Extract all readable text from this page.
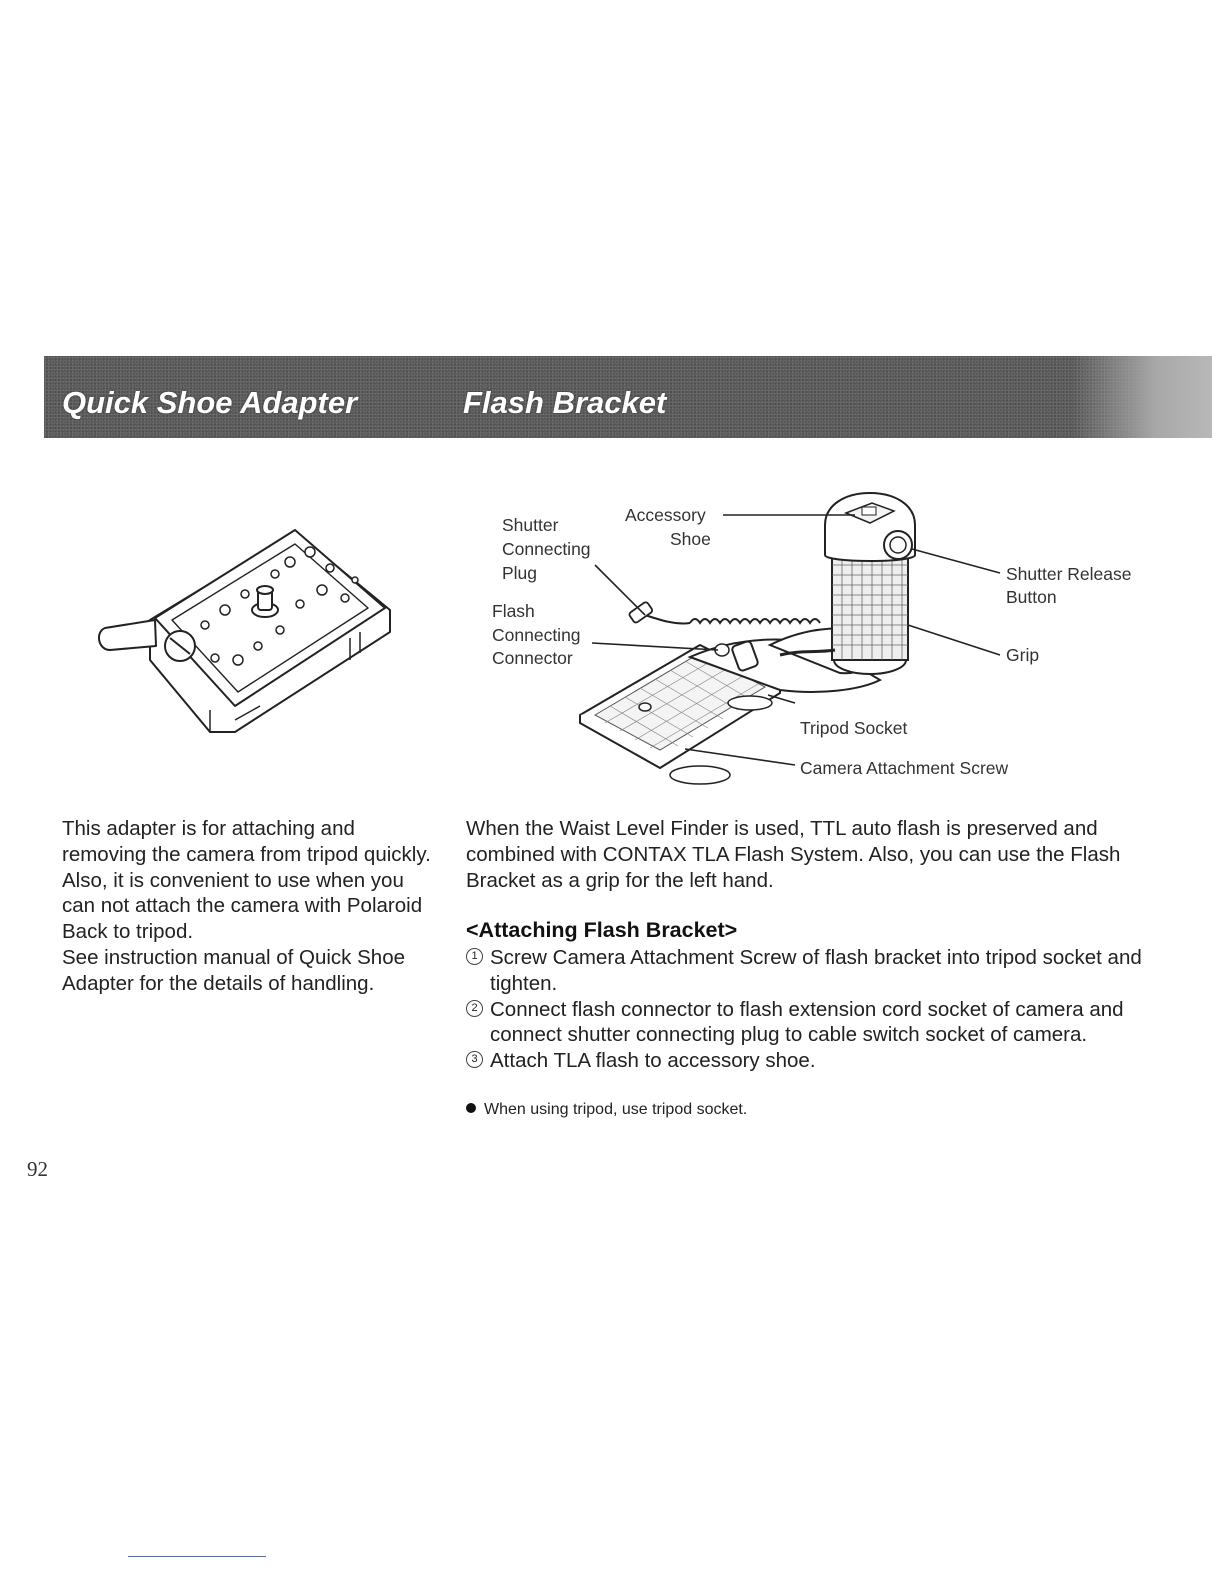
Quick Shoe Adapter	Flash Bracket
Shutter
Connecting
Plug
Accessory
Shoe
Flash
Connecting
Connector
Shutter Release
Button
Grip
Tripod Socket
Camera Attachment Screw

This adapter is for attaching and removing the camera from tripod quickly.

Also, it is convenient to use when you can not attach the camera with Polaroid Back to tripod.

See instruction manual of Quick Shoe Adapter for the details of handling.

When the Waist Level Finder is used, TTL auto flash is preserved and combined with CONTAX TLA Flash System. Also, you can use the Flash Bracket as a grip for the left hand.
<Attaching Flash Bracket>

1 Screw Camera Attachment Screw of flash bracket into tripod socket and tighten.

2 Connect flash connector to flash extension cord socket of camera and connect shutter connecting plug to cable switch socket of camera.

3 Attach TLA flash to accessory shoe.

When using tripod, use tripod socket.
92
